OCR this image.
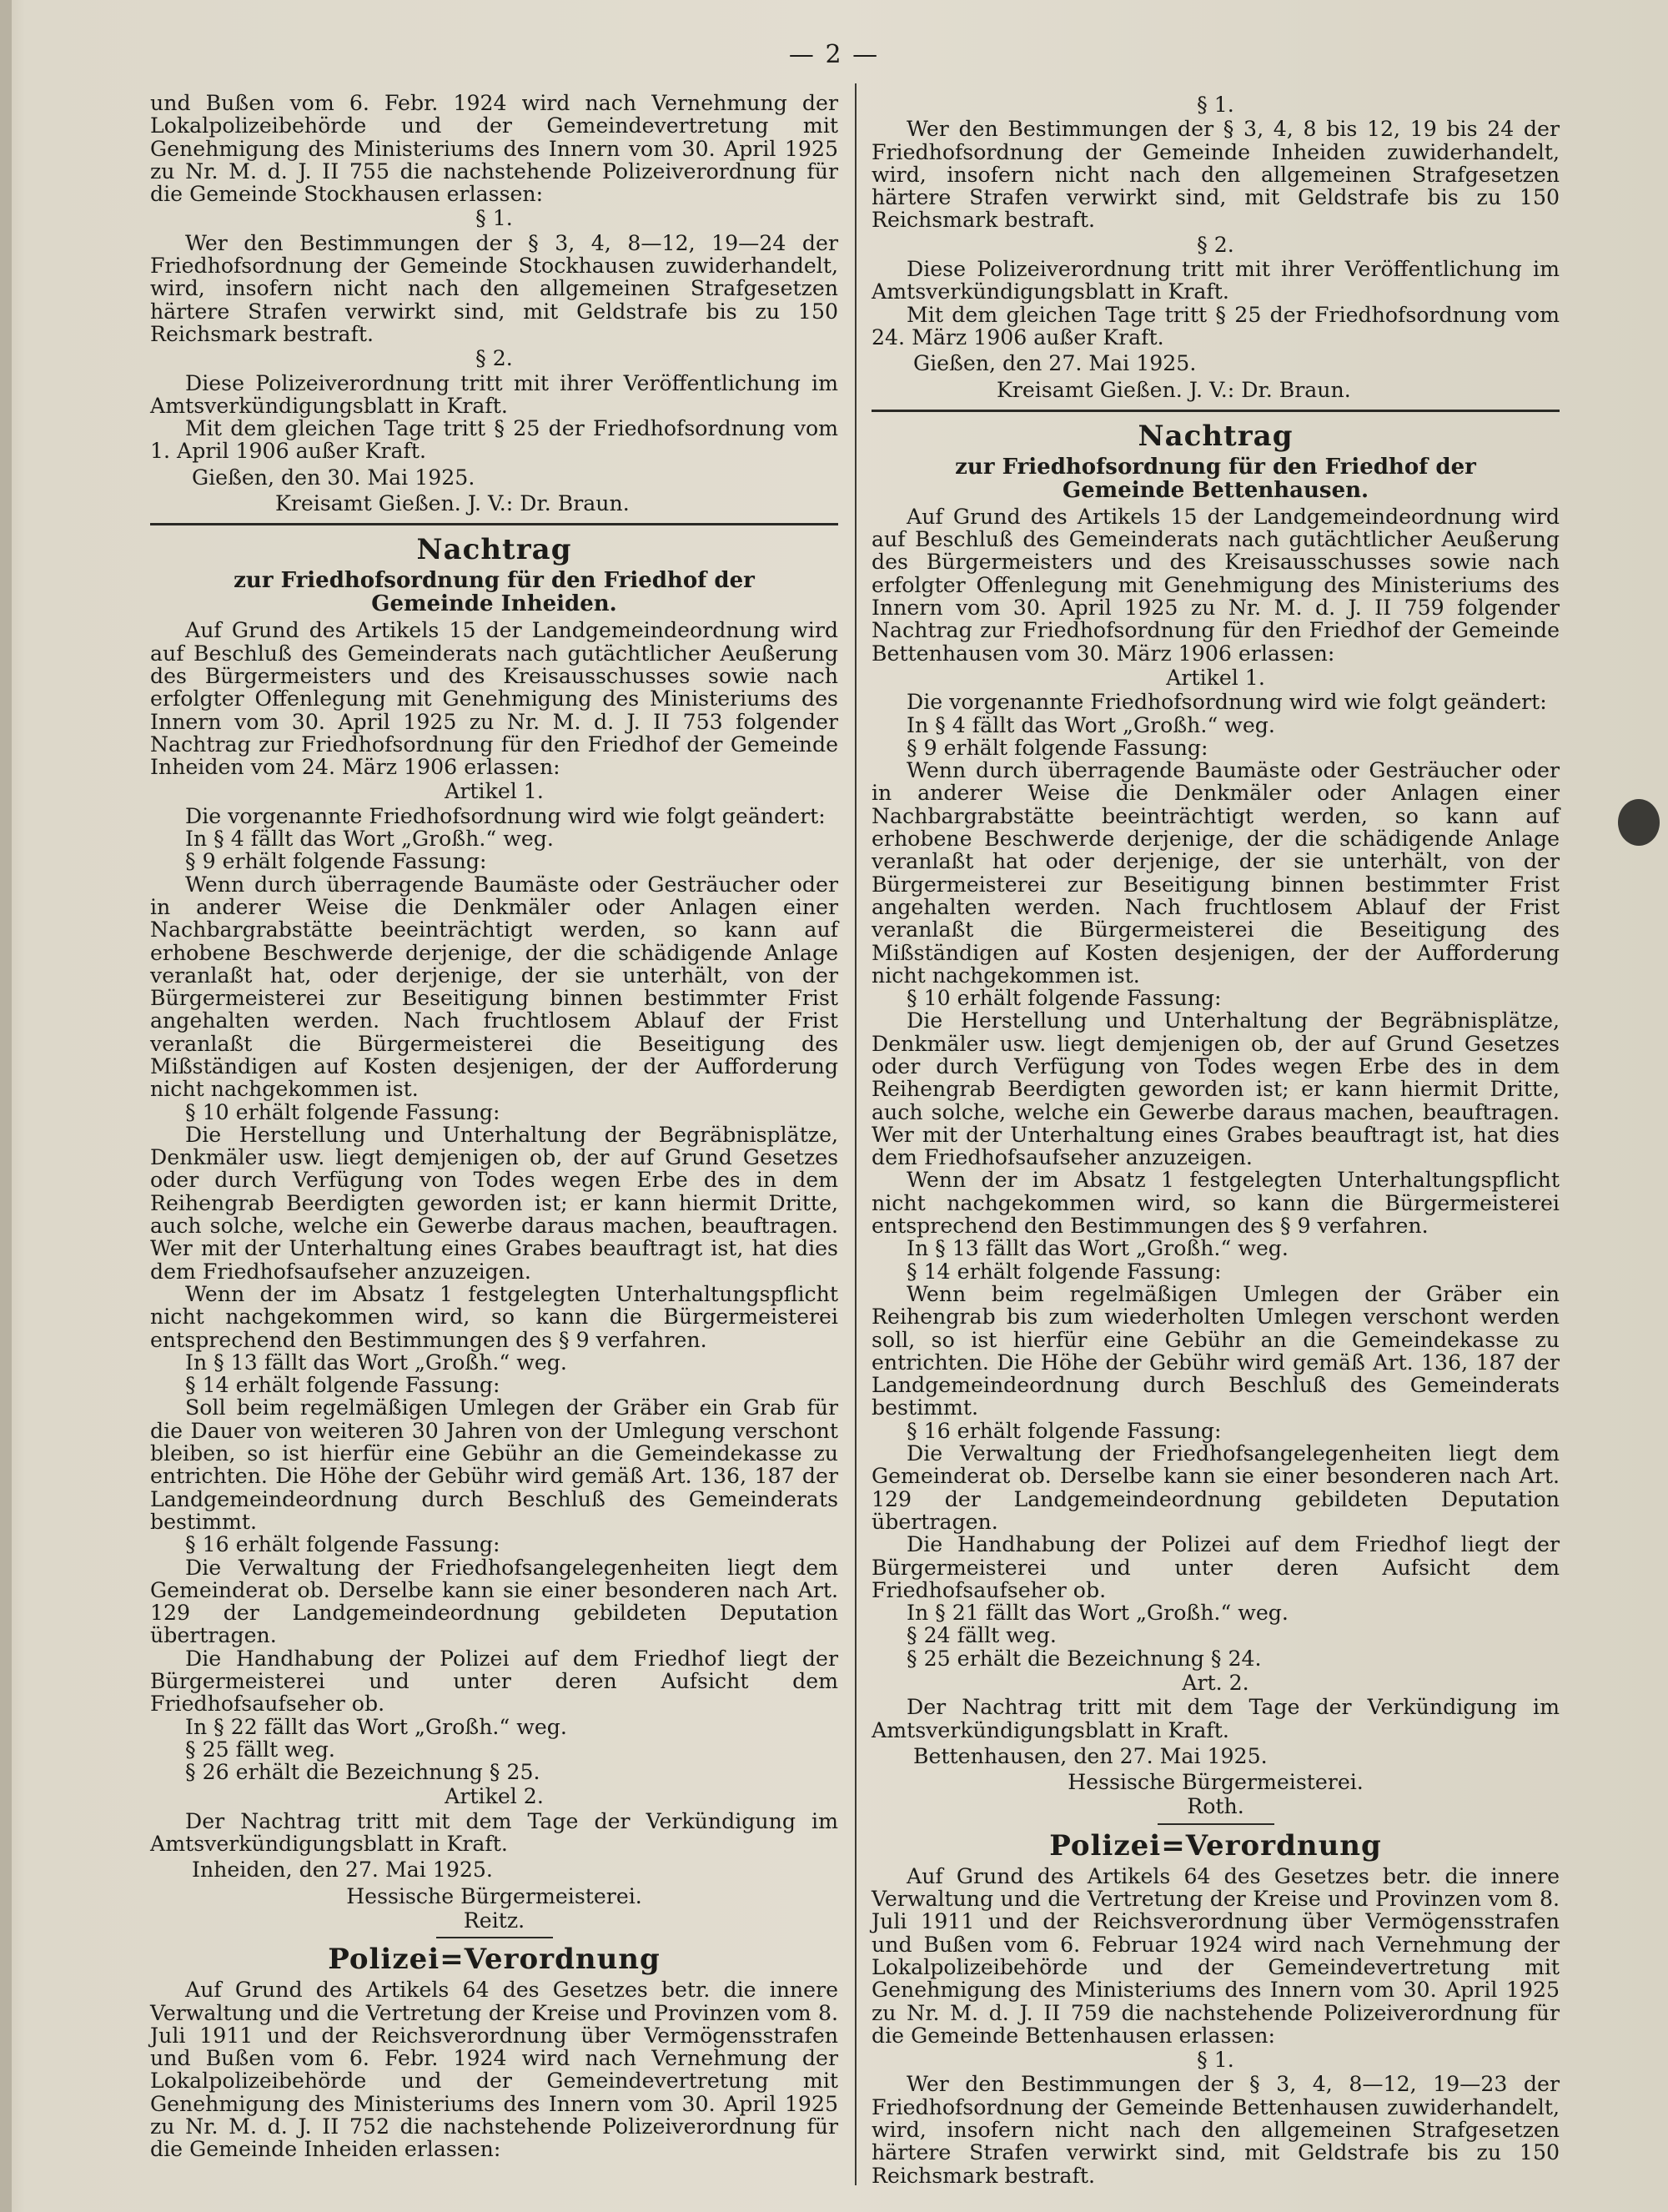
— 2 —

und Bußen vom 6. Febr. 1924 wird nach Vernehmung der Lokalpolizeibehörde und der Gemeindevertretung mit Genehmigung des Ministeriums des Innern vom 30. April 1925 zu Nr. M. d. J. II 755 die nachstehende Polizeiverordnung für die Gemeinde Stockhausen erlassen:

§ 1.

Wer den Bestimmungen der § 3, 4, 8—12, 19—24 der Friedhofsordnung der Gemeinde Stockhausen zuwiderhandelt, wird, insofern nicht nach den allgemeinen Strafgesetzen härtere Strafen verwirkt sind, mit Geldstrafe bis zu 150 Reichsmark bestraft.

§ 2.

Diese Polizeiverordnung tritt mit ihrer Veröffentlichung im Amtsverkündigungsblatt in Kraft.

Mit dem gleichen Tage tritt § 25 der Friedhofsordnung vom 1. April 1906 außer Kraft.

Gießen, den 30. Mai 1925.
Kreisamt Gießen. J. V.: Dr. Braun.
Nachtrag
zur Friedhofsordnung für den Friedhof der Gemeinde Inheiden.

Auf Grund des Artikels 15 der Landgemeindeordnung wird auf Beschluß des Gemeinderats nach gutächtlicher Aeußerung des Bürgermeisters und des Kreisausschusses sowie nach erfolgter Offenlegung mit Genehmigung des Ministeriums des Innern vom 30. April 1925 zu Nr. M. d. J. II 753 folgender Nachtrag zur Friedhofsordnung für den Friedhof der Gemeinde Inheiden vom 24. März 1906 erlassen:

Artikel 1.

Die vorgenannte Friedhofsordnung wird wie folgt geändert:

In § 4 fällt das Wort „Großh.“ weg.

§ 9 erhält folgende Fassung:

Wenn durch überragende Baumäste oder Gesträucher oder in anderer Weise die Denkmäler oder Anlagen einer Nachbargrabstätte beeinträchtigt werden, so kann auf erhobene Beschwerde derjenige, der die schädigende Anlage veranlaßt hat, oder derjenige, der sie unterhält, von der Bürgermeisterei zur Beseitigung binnen bestimmter Frist angehalten werden. Nach fruchtlosem Ablauf der Frist veranlaßt die Bürgermeisterei die Beseitigung des Mißständigen auf Kosten desjenigen, der der Aufforderung nicht nachgekommen ist.

§ 10 erhält folgende Fassung:

Die Herstellung und Unterhaltung der Begräbnisplätze, Denkmäler usw. liegt demjenigen ob, der auf Grund Gesetzes oder durch Verfügung von Todes wegen Erbe des in dem Reihengrab Beerdigten geworden ist; er kann hiermit Dritte, auch solche, welche ein Gewerbe daraus machen, beauftragen. Wer mit der Unterhaltung eines Grabes beauftragt ist, hat dies dem Friedhofsaufseher anzuzeigen.

Wenn der im Absatz 1 festgelegten Unterhaltungspflicht nicht nachgekommen wird, so kann die Bürgermeisterei entsprechend den Bestimmungen des § 9 verfahren.

In § 13 fällt das Wort „Großh.“ weg.

§ 14 erhält folgende Fassung:

Soll beim regelmäßigen Umlegen der Gräber ein Grab für die Dauer von weiteren 30 Jahren von der Umlegung verschont bleiben, so ist hierfür eine Gebühr an die Gemeindekasse zu entrichten. Die Höhe der Gebühr wird gemäß Art. 136, 187 der Landgemeindeordnung durch Beschluß des Gemeinderats bestimmt.

§ 16 erhält folgende Fassung:

Die Verwaltung der Friedhofsangelegenheiten liegt dem Gemeinderat ob. Derselbe kann sie einer besonderen nach Art. 129 der Landgemeindeordnung gebildeten Deputation übertragen.

Die Handhabung der Polizei auf dem Friedhof liegt der Bürgermeisterei und unter deren Aufsicht dem Friedhofsaufseher ob.

In § 22 fällt das Wort „Großh.“ weg.

§ 25 fällt weg.

§ 26 erhält die Bezeichnung § 25.

Artikel 2.

Der Nachtrag tritt mit dem Tage der Verkündigung im Amtsverkündigungsblatt in Kraft.

Inheiden, den 27. Mai 1925.
Hessische Bürgermeisterei.
Reitz.
Polizei=Verordnung

Auf Grund des Artikels 64 des Gesetzes betr. die innere Verwaltung und die Vertretung der Kreise und Provinzen vom 8. Juli 1911 und der Reichsverordnung über Vermögensstrafen und Bußen vom 6. Febr. 1924 wird nach Vernehmung der Lokalpolizeibehörde und der Gemeindevertretung mit Genehmigung des Ministeriums des Innern vom 30. April 1925 zu Nr. M. d. J. II 752 die nachstehende Polizeiverordnung für die Gemeinde Inheiden erlassen:

§ 1.

Wer den Bestimmungen der § 3, 4, 8 bis 12, 19 bis 24 der Friedhofsordnung der Gemeinde Inheiden zuwiderhandelt, wird, insofern nicht nach den allgemeinen Strafgesetzen härtere Strafen verwirkt sind, mit Geldstrafe bis zu 150 Reichsmark bestraft.

§ 2.

Diese Polizeiverordnung tritt mit ihrer Veröffentlichung im Amtsverkündigungsblatt in Kraft.

Mit dem gleichen Tage tritt § 25 der Friedhofsordnung vom 24. März 1906 außer Kraft.

Gießen, den 27. Mai 1925.
Kreisamt Gießen. J. V.: Dr. Braun.
Nachtrag
zur Friedhofsordnung für den Friedhof der Gemeinde Bettenhausen.

Auf Grund des Artikels 15 der Landgemeindeordnung wird auf Beschluß des Gemeinderats nach gutächtlicher Aeußerung des Bürgermeisters und des Kreisausschusses sowie nach erfolgter Offenlegung mit Genehmigung des Ministeriums des Innern vom 30. April 1925 zu Nr. M. d. J. II 759 folgender Nachtrag zur Friedhofsordnung für den Friedhof der Gemeinde Bettenhausen vom 30. März 1906 erlassen:

Artikel 1.

Die vorgenannte Friedhofsordnung wird wie folgt geändert:

In § 4 fällt das Wort „Großh.“ weg.

§ 9 erhält folgende Fassung:

Wenn durch überragende Baumäste oder Gesträucher oder in anderer Weise die Denkmäler oder Anlagen einer Nachbargrabstätte beeinträchtigt werden, so kann auf erhobene Beschwerde derjenige, der die schädigende Anlage veranlaßt hat oder derjenige, der sie unterhält, von der Bürgermeisterei zur Beseitigung binnen bestimmter Frist angehalten werden. Nach fruchtlosem Ablauf der Frist veranlaßt die Bürgermeisterei die Beseitigung des Mißständigen auf Kosten desjenigen, der der Aufforderung nicht nachgekommen ist.

§ 10 erhält folgende Fassung:

Die Herstellung und Unterhaltung der Begräbnisplätze, Denkmäler usw. liegt demjenigen ob, der auf Grund Gesetzes oder durch Verfügung von Todes wegen Erbe des in dem Reihengrab Beerdigten geworden ist; er kann hiermit Dritte, auch solche, welche ein Gewerbe daraus machen, beauftragen. Wer mit der Unterhaltung eines Grabes beauftragt ist, hat dies dem Friedhofsaufseher anzuzeigen.

Wenn der im Absatz 1 festgelegten Unterhaltungspflicht nicht nachgekommen wird, so kann die Bürgermeisterei entsprechend den Bestimmungen des § 9 verfahren.

In § 13 fällt das Wort „Großh.“ weg.

§ 14 erhält folgende Fassung:

Wenn beim regelmäßigen Umlegen der Gräber ein Reihengrab bis zum wiederholten Umlegen verschont werden soll, so ist hierfür eine Gebühr an die Gemeindekasse zu entrichten. Die Höhe der Gebühr wird gemäß Art. 136, 187 der Landgemeindeordnung durch Beschluß des Gemeinderats bestimmt.

§ 16 erhält folgende Fassung:

Die Verwaltung der Friedhofsangelegenheiten liegt dem Gemeinderat ob. Derselbe kann sie einer besonderen nach Art. 129 der Landgemeindeordnung gebildeten Deputation übertragen.

Die Handhabung der Polizei auf dem Friedhof liegt der Bürgermeisterei und unter deren Aufsicht dem Friedhofsaufseher ob.

In § 21 fällt das Wort „Großh.“ weg.

§ 24 fällt weg.

§ 25 erhält die Bezeichnung § 24.

Art. 2.

Der Nachtrag tritt mit dem Tage der Verkündigung im Amtsverkündigungsblatt in Kraft.

Bettenhausen, den 27. Mai 1925.
Hessische Bürgermeisterei.
Roth.
Polizei=Verordnung

Auf Grund des Artikels 64 des Gesetzes betr. die innere Verwaltung und die Vertretung der Kreise und Provinzen vom 8. Juli 1911 und der Reichsverordnung über Vermögensstrafen und Bußen vom 6. Februar 1924 wird nach Vernehmung der Lokalpolizeibehörde und der Gemeindevertretung mit Genehmigung des Ministeriums des Innern vom 30. April 1925 zu Nr. M. d. J. II 759 die nachstehende Polizeiverordnung für die Gemeinde Bettenhausen erlassen:

§ 1.

Wer den Bestimmungen der § 3, 4, 8—12, 19—23 der Friedhofsordnung der Gemeinde Bettenhausen zuwiderhandelt, wird, insofern nicht nach den allgemeinen Strafgesetzen härtere Strafen verwirkt sind, mit Geldstrafe bis zu 150 Reichsmark bestraft.
